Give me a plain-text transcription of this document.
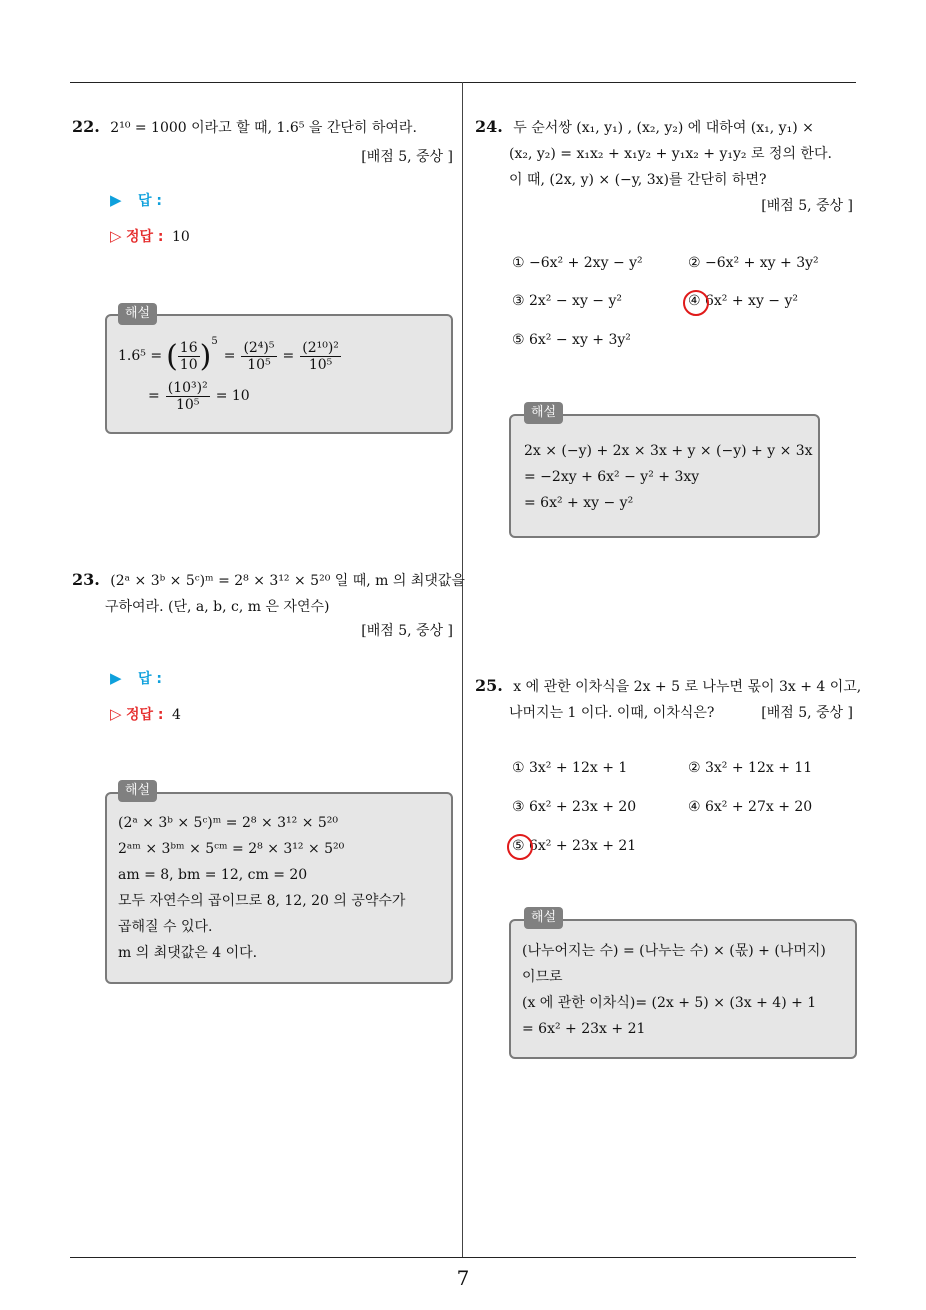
22. 2¹⁰ = 1000 이라고 할 때, 1.6⁵ 을 간단히 하여라.
[배점 5, 중상 ]
▶ 답 :
▷ 정답 : 10
해설
1.6⁵ = ( $\frac{16}{10}$ ) 5
= $\frac{\text{(2⁴)⁵}}{\text{10⁵}} = \frac{\text{(2¹⁰)²}}{\text{10⁵}}$
= $\frac{\text{(10³)²}}{\text{10⁵}} = 10$
23. (2ᵃ × 3ᵇ × 5ᶜ)ᵐ = 2⁸ × 3¹² × 5²⁰ 일 때, m 의 최댓값을
구하여라. (단, a, b, c, m 은 자연수)
[배점 5, 중상 ]
▶ 답 :
▷ 정답 : 4
해설
(2ᵃ × 3ᵇ × 5ᶜ)ᵐ = 2⁸ × 3¹² × 5²⁰
2ᵃᵐ × 3ᵇᵐ × 5ᶜᵐ = 2⁸ × 3¹² × 5²⁰
am = 8, bm = 12, cm = 20
모두 자연수의 곱이므로 8, 12, 20 의 공약수가
곱해질 수 있다.
m 의 최댓값은 4 이다.
24. 두 순서쌍 (x₁, y₁) , (x₂, y₂) 에 대하여 (x₁, y₁) ×
(x₂, y₂) = x₁x₂ + x₁y₂ + y₁x₂ + y₁y₂ 로 정의 한다.
이 때, (2x, y) × (−y, 3x)를 간단히 하면?
[배점 5, 중상 ]
① −6x² + 2xy − y²	② −6x² + xy + 3y²
③ 2x² − xy − y²	④ 6x² + xy − y²
⑤ 6x² − xy + 3y²
해설
2x × (−y) + 2x × 3x + y × (−y) + y × 3x
= −2xy + 6x² − y² + 3xy
= 6x² + xy − y²
25. x 에 관한 이차식을 2x + 5 로 나누면 몫이 3x + 4 이고,
나머지는 1 이다. 이때, 이차식은?	[배점 5, 중상 ]
① 3x² + 12x + 1	② 3x² + 12x + 11
③ 6x² + 23x + 20	④ 6x² + 27x + 20
⑤ 6x² + 23x + 21
해설
(나누어지는 수) = (나누는 수) × (몫) + (나머지)
이므로
(x 에 관한 이차식)= (2x + 5) × (3x + 4) + 1
= 6x² + 23x + 21
7
